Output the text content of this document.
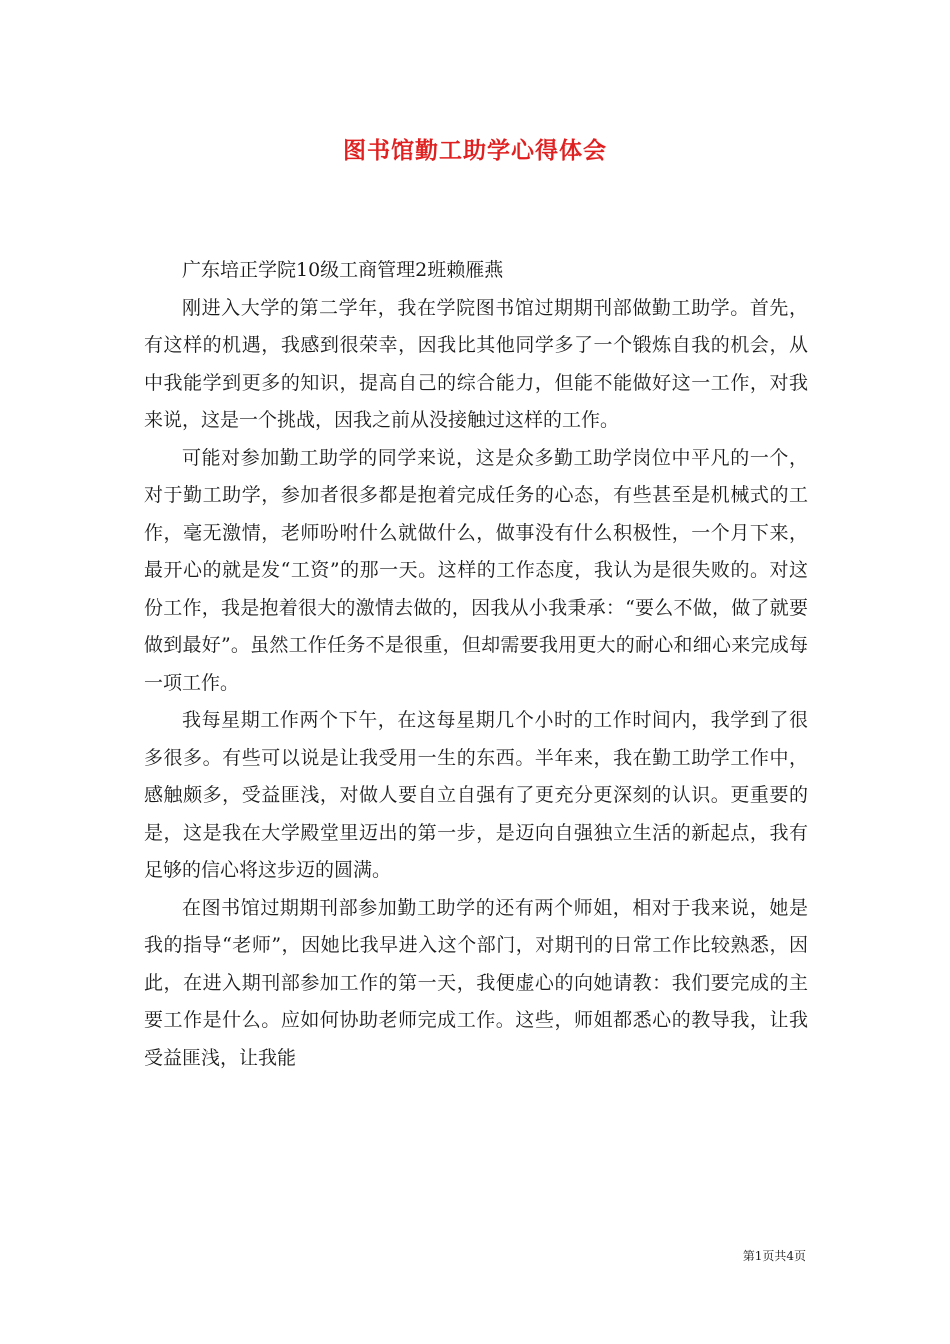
图书馆勤工助学心得体会

广东培正学院10级工商管理2班赖雁燕

刚进入大学的第二学年，我在学院图书馆过期期刊部做勤工助学。首先，有这样的机遇，我感到很荣幸，因我比其他同学多了一个锻炼自我的机会，从中我能学到更多的知识，提高自己的综合能力，但能不能做好这一工作，对我来说，这是一个挑战，因我之前从没接触过这样的工作。

可能对参加勤工助学的同学来说，这是众多勤工助学岗位中平凡的一个，对于勤工助学，参加者很多都是抱着完成任务的心态，有些甚至是机械式的工作，毫无激情，老师吩咐什么就做什么，做事没有什么积极性，一个月下来，最开心的就是发“工资”的那一天。这样的工作态度，我认为是很失败的。对这份工作，我是抱着很大的激情去做的，因我从小我秉承：“要么不做，做了就要做到最好”。虽然工作任务不是很重，但却需要我用更大的耐心和细心来完成每一项工作。

我每星期工作两个下午，在这每星期几个小时的工作时间内，我学到了很多很多。有些可以说是让我受用一生的东西。半年来，我在勤工助学工作中，感触颇多，受益匪浅，对做人要自立自强有了更充分更深刻的认识。更重要的是，这是我在大学殿堂里迈出的第一步，是迈向自强独立生活的新起点，我有足够的信心将这步迈的圆满。

在图书馆过期期刊部参加勤工助学的还有两个师姐，相对于我来说，她是我的指导“老师”，因她比我早进入这个部门，对期刊的日常工作比较熟悉，因此，在进入期刊部参加工作的第一天，我便虚心的向她请教：我们要完成的主要工作是什么。应如何协助老师完成工作。这些，师姐都悉心的教导我，让我受益匪浅，让我能

第1页共4页
